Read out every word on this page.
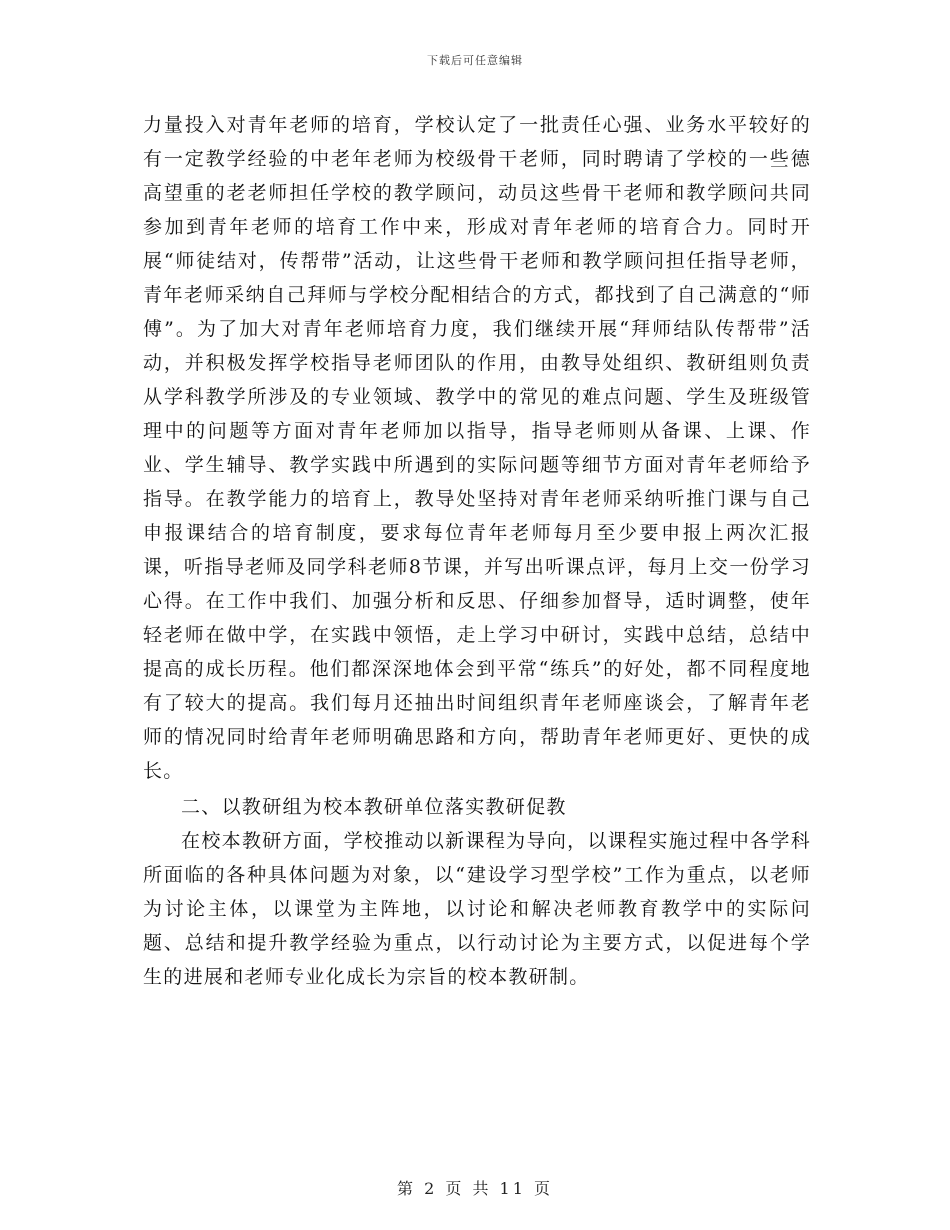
下载后可任意编辑

力量投入对青年老师的培育，学校认定了一批责任心强、业务水平较好的有一定教学经验的中老年老师为校级骨干老师，同时聘请了学校的一些德高望重的老老师担任学校的教学顾问，动员这些骨干老师和教学顾问共同参加到青年老师的培育工作中来，形成对青年老师的培育合力。同时开展“师徒结对，传帮带”活动，让这些骨干老师和教学顾问担任指导老师，青年老师采纳自己拜师与学校分配相结合的方式，都找到了自己满意的“师傅”。为了加大对青年老师培育力度，我们继续开展“拜师结队传帮带”活动，并积极发挥学校指导老师团队的作用，由教导处组织、教研组则负责从学科教学所涉及的专业领域、教学中的常见的难点问题、学生及班级管理中的问题等方面对青年老师加以指导，指导老师则从备课、上课、作业、学生辅导、教学实践中所遇到的实际问题等细节方面对青年老师给予指导。在教学能力的培育上，教导处坚持对青年老师采纳听推门课与自己申报课结合的培育制度，要求每位青年老师每月至少要申报上两次汇报课，听指导老师及同学科老师8节课，并写出听课点评，每月上交一份学习心得。在工作中我们、加强分析和反思、仔细参加督导，适时调整，使年轻老师在做中学，在实践中领悟，走上学习中研讨，实践中总结，总结中提高的成长历程。他们都深深地体会到平常“练兵”的好处，都不同程度地有了较大的提高。我们每月还抽出时间组织青年老师座谈会，了解青年老师的情况同时给青年老师明确思路和方向，帮助青年老师更好、更快的成长。

二、以教研组为校本教研单位落实教研促教

在校本教研方面，学校推动以新课程为导向，以课程实施过程中各学科所面临的各种具体问题为对象，以“建设学习型学校”工作为重点，以老师为讨论主体，以课堂为主阵地，以讨论和解决老师教育教学中的实际问题、总结和提升教学经验为重点，以行动讨论为主要方式，以促进每个学生的进展和老师专业化成长为宗旨的校本教研制。

第 2 页 共 11 页
